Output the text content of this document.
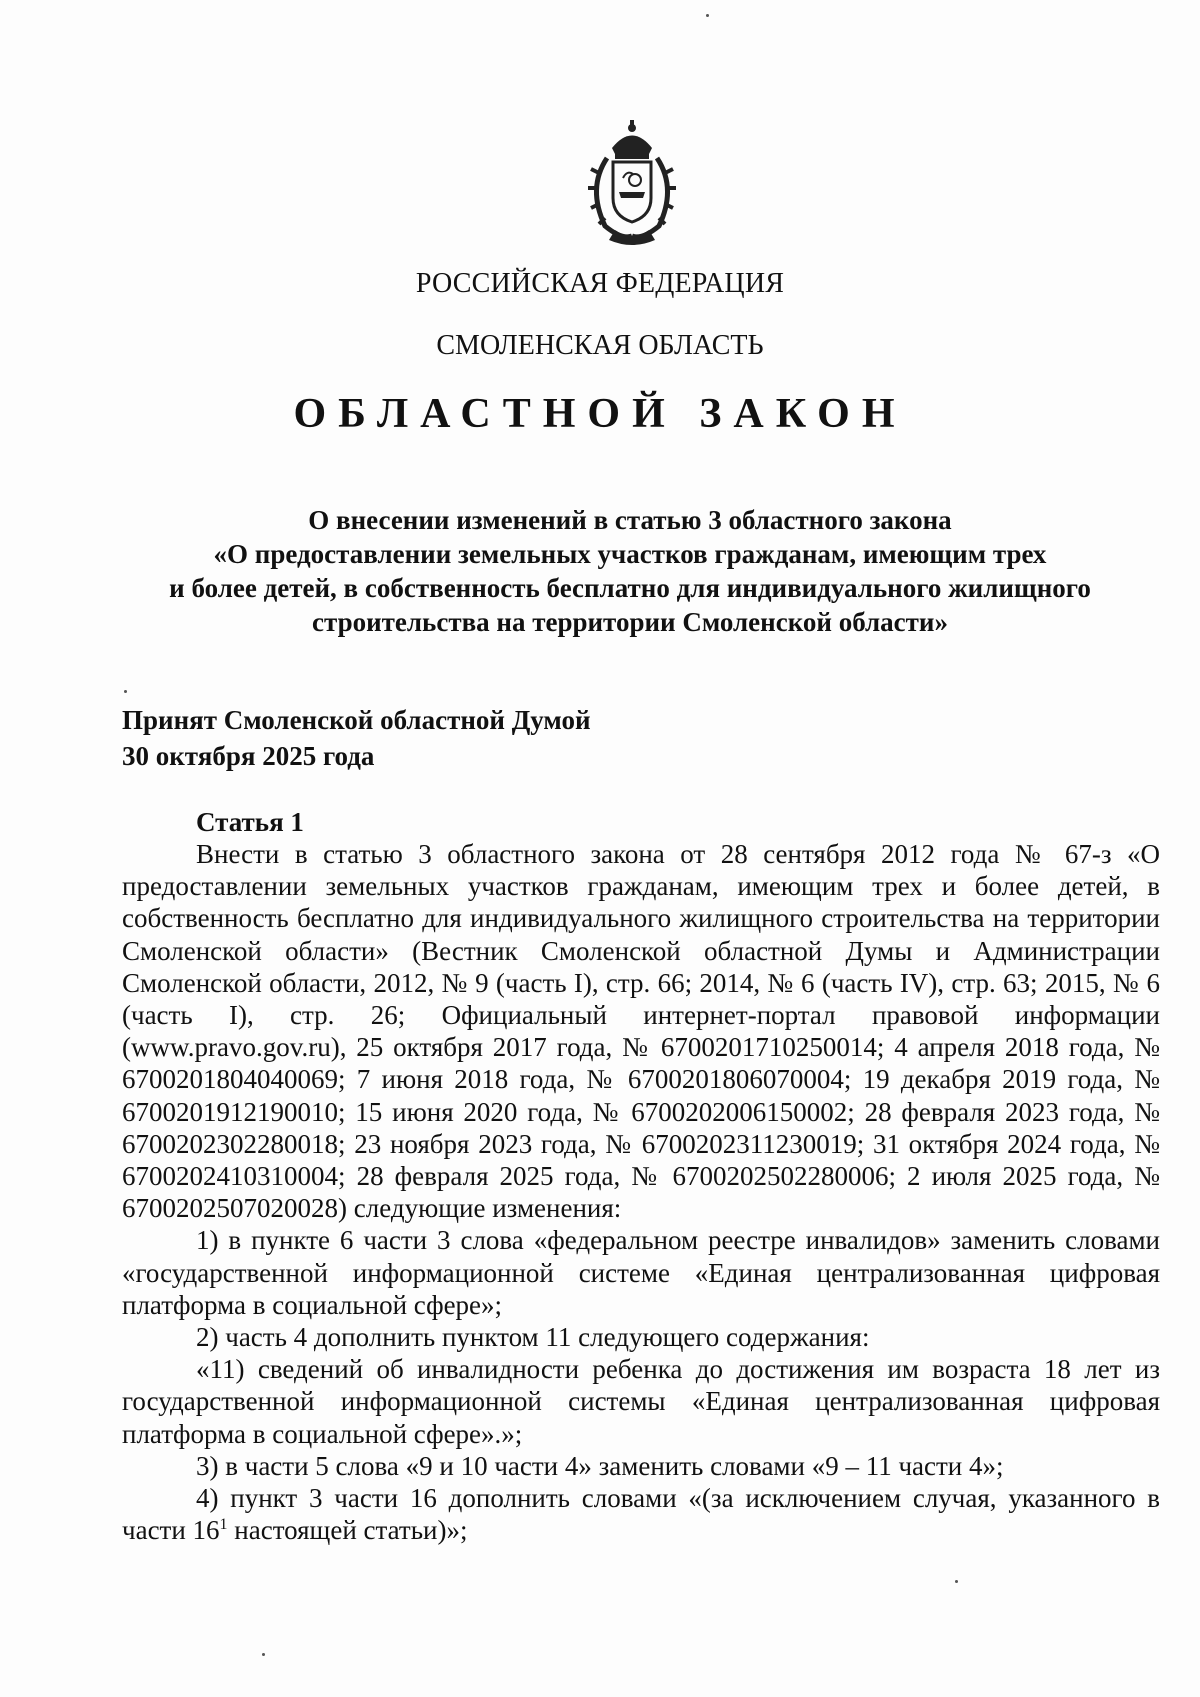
РОССИЙСКАЯ ФЕДЕРАЦИЯ
СМОЛЕНСКАЯ ОБЛАСТЬ
ОБЛАСТНОЙ ЗАКОН
О внесении изменений в статью 3 областного закона
«О предоставлении земельных участков гражданам, имеющим трех
и более детей, в собственность бесплатно для индивидуального жилищного
строительства на территории Смоленской области»
Принят Смоленской областной Думой
30 октября 2025 года
Статья 1

Внести в статью 3 областного закона от 28 сентября 2012 года № 67-з «О предоставлении земельных участков гражданам, имеющим трех и более детей, в собственность бесплатно для индивидуального жилищного строительства на территории Смоленской области» (Вестник Смоленской областной Думы и Администрации Смоленской области, 2012, № 9 (часть I), стр. 66; 2014, № 6 (часть IV), стр. 63; 2015, № 6 (часть I), стр. 26; Официальный интернет-портал правовой информации (www.pravo.gov.ru), 25 октября 2017 года, № 6700201710250014; 4 апреля 2018 года, № 6700201804040069; 7 июня 2018 года, № 6700201806070004; 19 декабря 2019 года, № 6700201912190010; 15 июня 2020 года, № 6700202006150002; 28 февраля 2023 года, № 6700202302280018; 23 ноября 2023 года, № 6700202311230019; 31 октября 2024 года, № 6700202410310004; 28 февраля 2025 года, № 6700202502280006; 2 июля 2025 года, № 6700202507020028) следующие изменения:

1) в пункте 6 части 3 слова «федеральном реестре инвалидов» заменить словами «государственной информационной системе «Единая централизованная цифровая платформа в социальной сфере»;

2) часть 4 дополнить пунктом 11 следующего содержания:

«11) сведений об инвалидности ребенка до достижения им возраста 18 лет из государственной информационной системы «Единая централизованная цифровая платформа в социальной сфере».»;

3) в части 5 слова «9 и 10 части 4» заменить словами «9 – 11 части 4»;

4) пункт 3 части 16 дополнить словами «(за исключением случая, указанного в части $16^1$ настоящей статьи)»;
